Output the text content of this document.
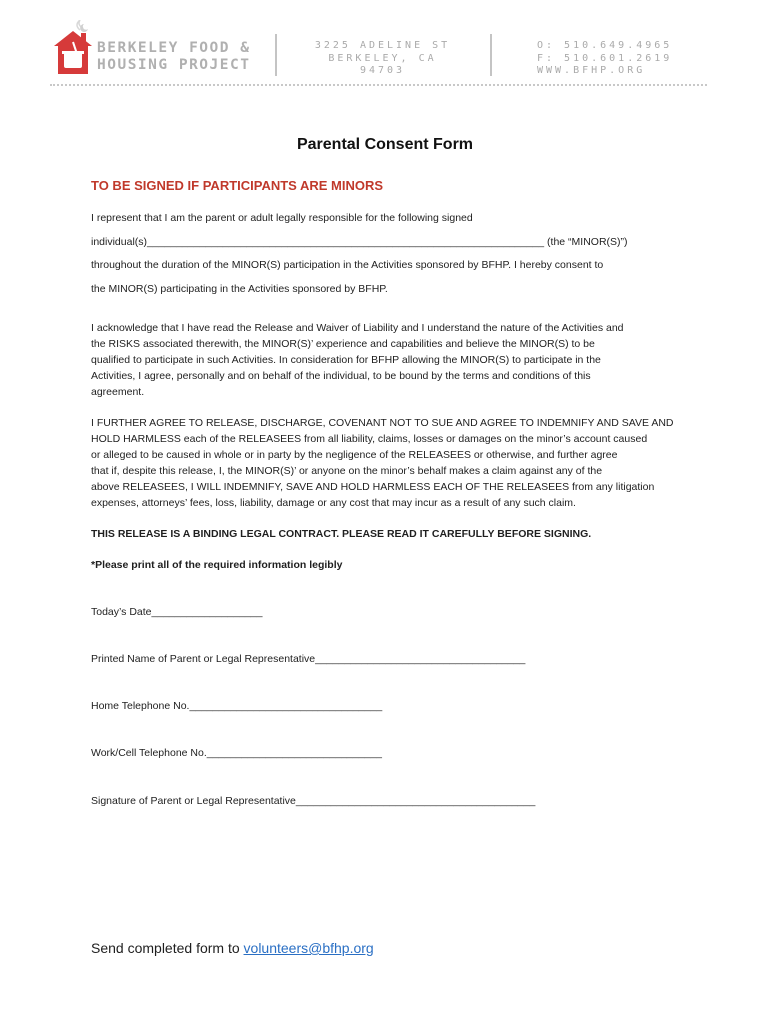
BERKELEY FOOD &
HOUSING PROJECT
3225 ADELINE ST
BERKELEY, CA
94703
O: 510.649.4965
F: 510.601.2619
WWW.BFHP.ORG
Parental Consent Form
TO BE SIGNED IF PARTICIPANTS ARE MINORS
I represent that I am the parent or adult legally responsible for the following signed
individual(s)____________________________________________________________________ (the “MINOR(S)”)
throughout the duration of the MINOR(S) participation in the Activities sponsored by BFHP. I hereby consent to
the MINOR(S) participating in the Activities sponsored by BFHP.
I acknowledge that I have read the Release and Waiver of Liability and I understand the nature of the Activities and
the RISKS associated therewith, the MINOR(S)’ experience and capabilities and believe the MINOR(S) to be
qualified to participate in such Activities. In consideration for BFHP allowing the MINOR(S) to participate in the
Activities, I agree, personally and on behalf of the individual, to be bound by the terms and conditions of this
agreement.
I FURTHER AGREE TO RELEASE, DISCHARGE, COVENANT NOT TO SUE AND AGREE TO INDEMNIFY AND SAVE AND
HOLD HARMLESS each of the RELEASEES from all liability, claims, losses or damages on the minor’s account caused
or alleged to be caused in whole or in party by the negligence of the RELEASEES or otherwise, and further agree
that if, despite this release, I, the MINOR(S)’ or anyone on the minor’s behalf makes a claim against any of the
above RELEASEES, I WILL INDEMNIFY, SAVE AND HOLD HARMLESS EACH OF THE RELEASEES from any litigation
expenses, attorneys’ fees, loss, liability, damage or any cost that may incur as a result of any such claim.
THIS RELEASE IS A BINDING LEGAL CONTRACT. PLEASE READ IT CAREFULLY BEFORE SIGNING.
*Please print all of the required information legibly
Today’s Date___________________
Printed Name of Parent or Legal Representative____________________________________
Home Telephone No._________________________________
Work/Cell Telephone No.______________________________
Signature of Parent or Legal Representative_________________________________________
Send completed form to volunteers@bfhp.org
